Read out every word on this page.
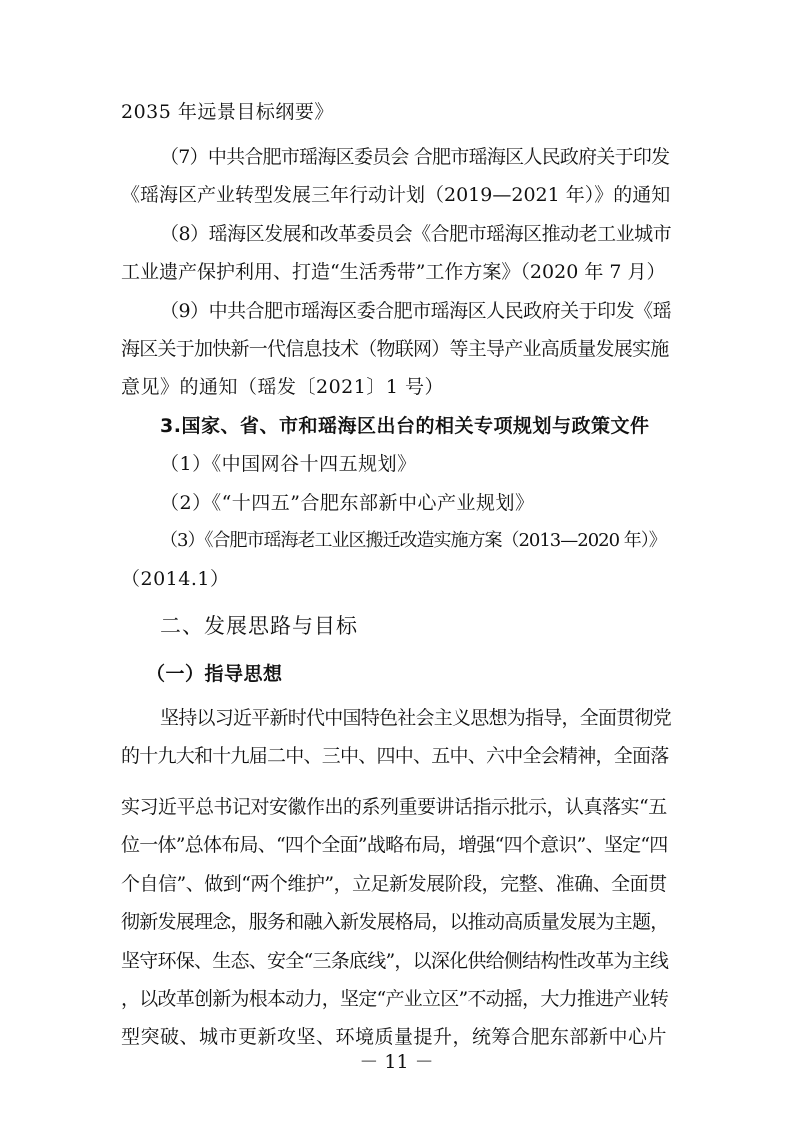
2035 年远景目标纲要》
（7）中共合肥市瑶海区委员会 合肥市瑶海区人民政府关于印发
《瑶海区产业转型发展三年行动计划（2019—2021 年）》的通知
（8）瑶海区发展和改革委员会《合肥市瑶海区推动老工业城市
工业遗产保护利用、打造“生活秀带”工作方案》（2020 年 7 月）
（9）中共合肥市瑶海区委合肥市瑶海区人民政府关于印发《瑶
海区关于加快新一代信息技术（物联网）等主导产业高质量发展实施
意见》的通知（瑶发〔2021〕1 号）
3.国家、省、市和瑶海区出台的相关专项规划与政策文件
（1）《中国网谷十四五规划》
（2）《“十四五”合肥东部新中心产业规划》
（3）《合肥市瑶海老工业区搬迁改造实施方案（2013—2020 年）》
（2014.1）
二、发展思路与目标
（一）指导思想
坚持以习近平新时代中国特色社会主义思想为指导，全面贯彻党
的十九大和十九届二中、三中、四中、五中、六中全会精神，全面落
实习近平总书记对安徽作出的系列重要讲话指示批示，认真落实“五
位一体”总体布局、“四个全面”战略布局，增强“四个意识”、坚定“四
个自信”、做到“两个维护”，立足新发展阶段，完整、准确、全面贯
彻新发展理念，服务和融入新发展格局，以推动高质量发展为主题，
坚守环保、生态、安全“三条底线”，以深化供给侧结构性改革为主线
，以改革创新为根本动力，坚定“产业立区”不动摇，大力推进产业转
型突破、城市更新攻坚、环境质量提升，统筹合肥东部新中心片
－ 11 －
